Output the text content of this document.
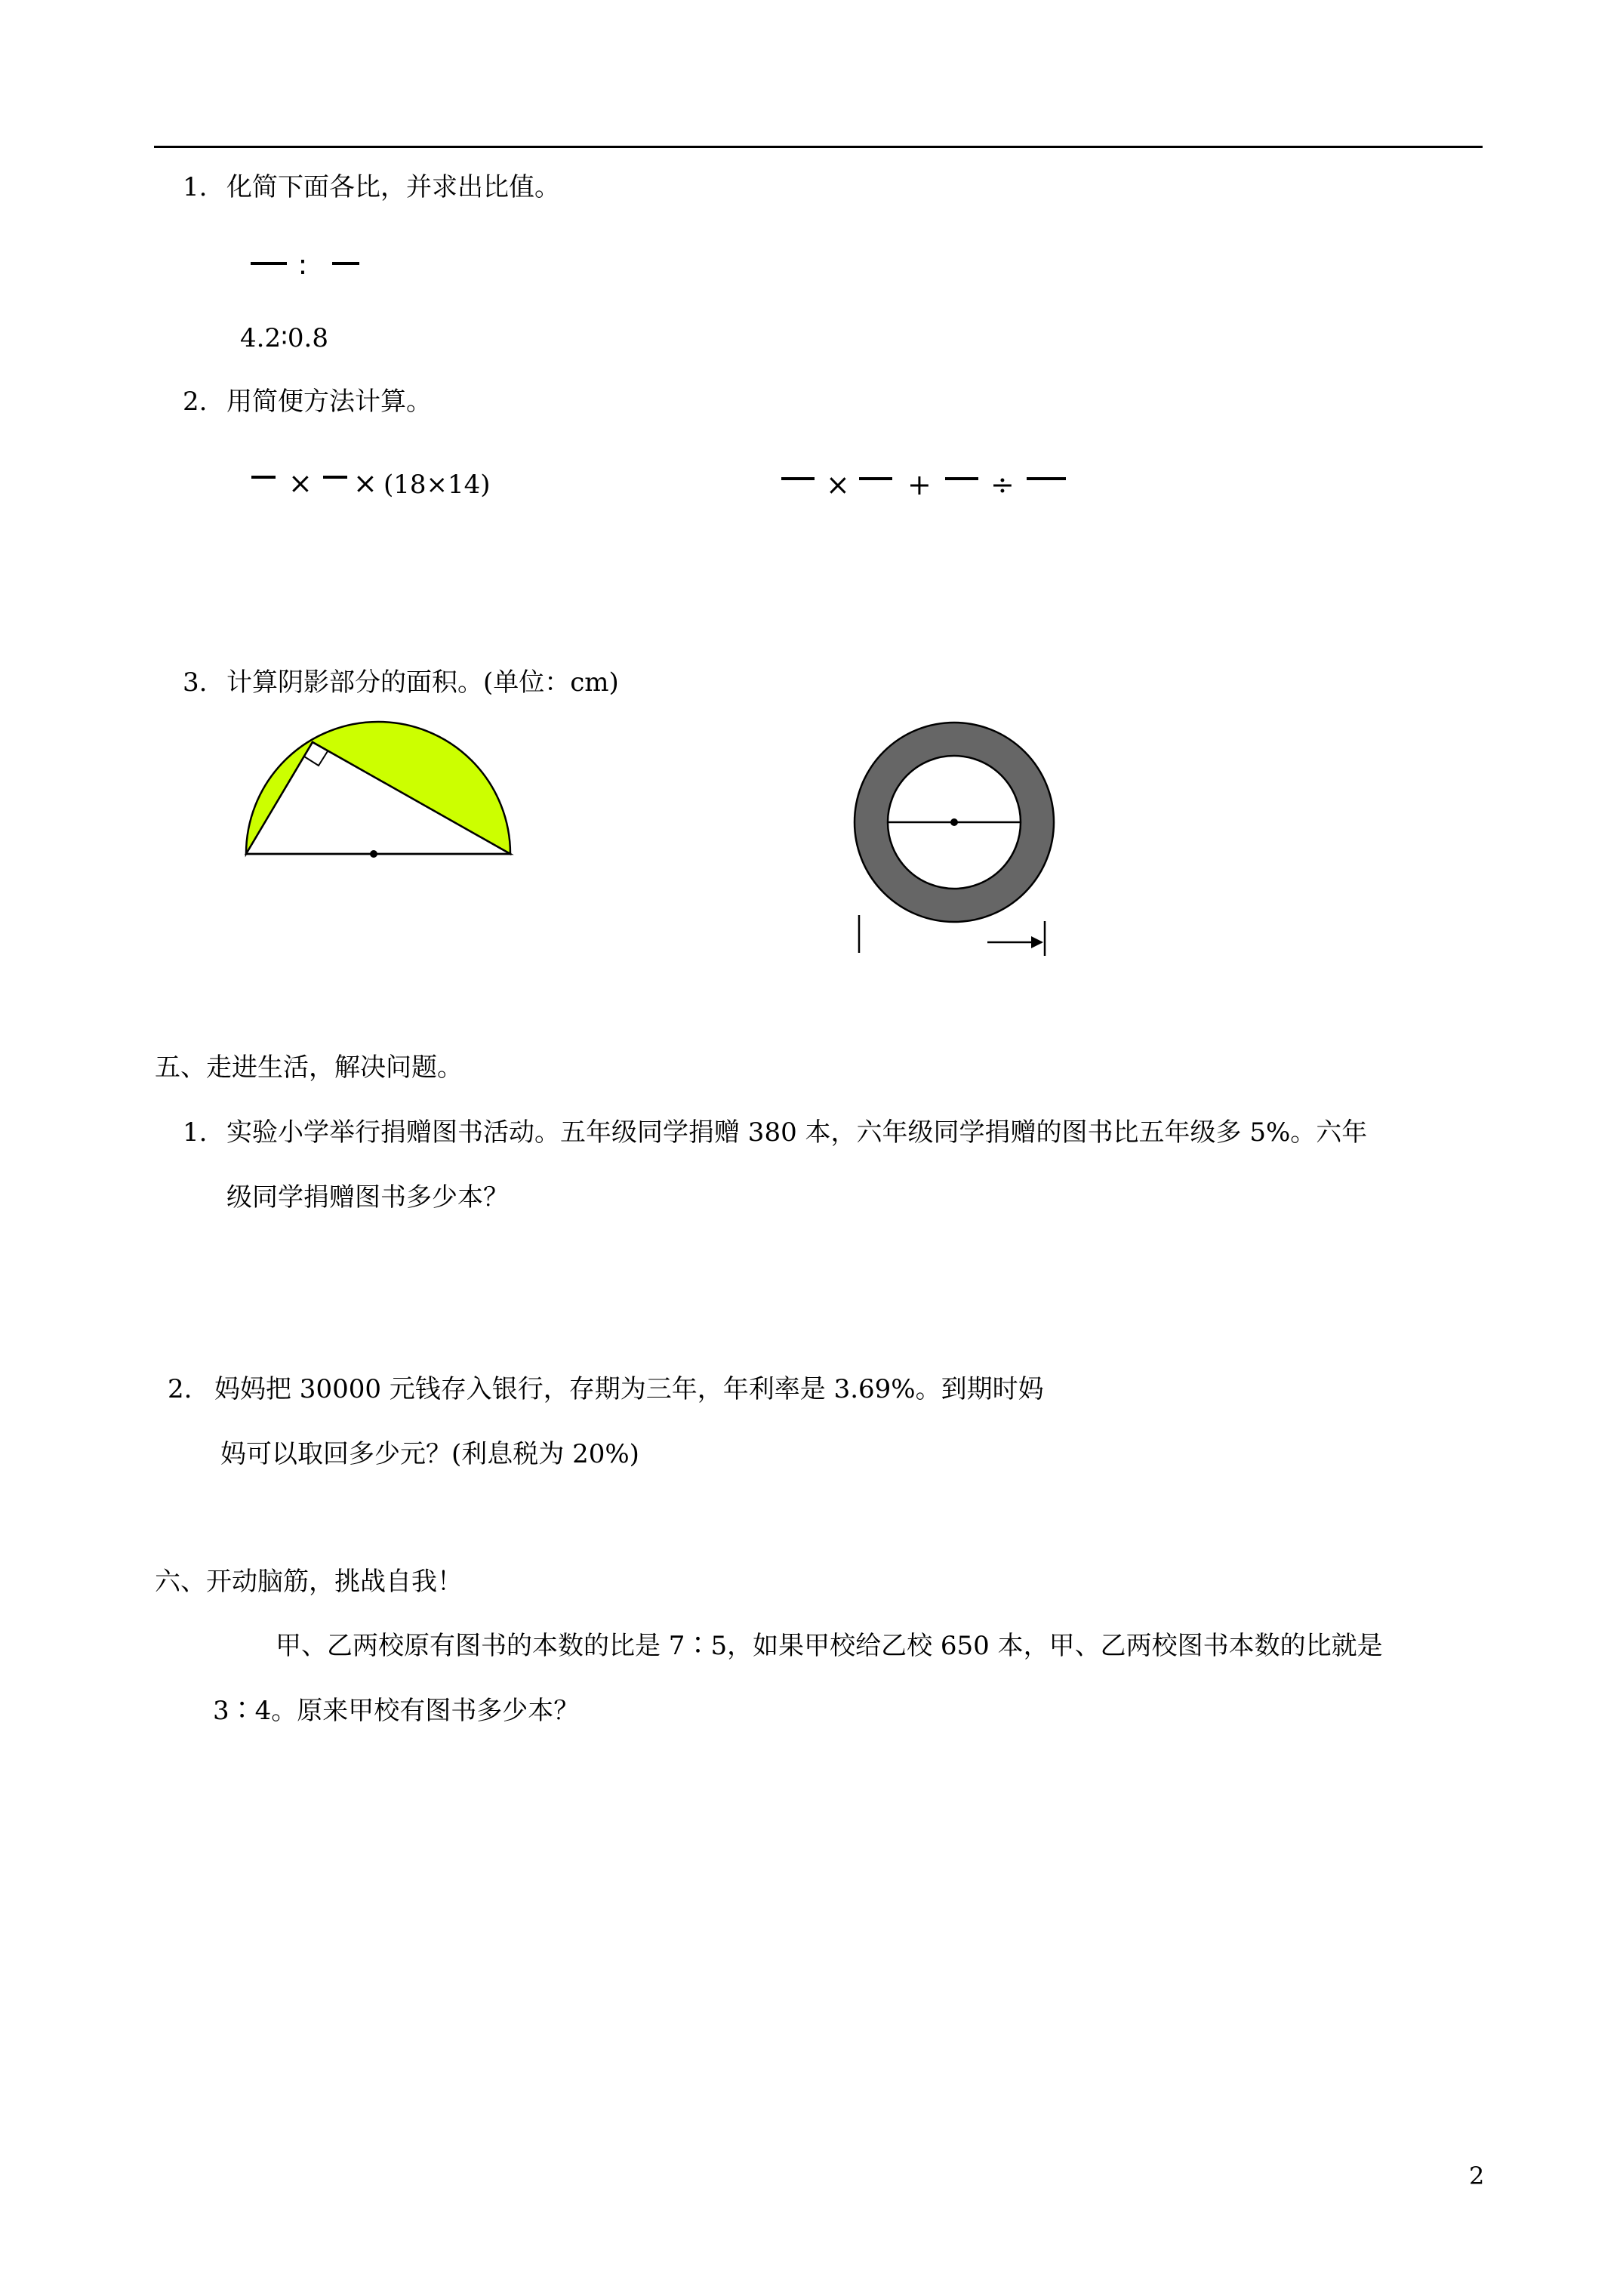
1. 化简下面各比，并求出比值。
∶
4.2∶0.8
2. 用简便方法计算。
× × (18×14)	× + ÷
3. 计算阴影部分的面积。(单位：cm)
五、走进生活，解决问题。
1. 实验小学举行捐赠图书活动。五年级同学捐赠 380 本，六年级同学捐赠的图书比五年级多 5%。六年
级同学捐赠图书多少本？
2. 妈妈把 30000 元钱存入银行，存期为三年，年利率是 3.69%。到期时妈
妈可以取回多少元？(利息税为 20%)
六、开动脑筋，挑战自我！
甲、乙两校原有图书的本数的比是 7∶5，如果甲校给乙校 650 本，甲、乙两校图书本数的比就是
3∶4。原来甲校有图书多少本？
2
